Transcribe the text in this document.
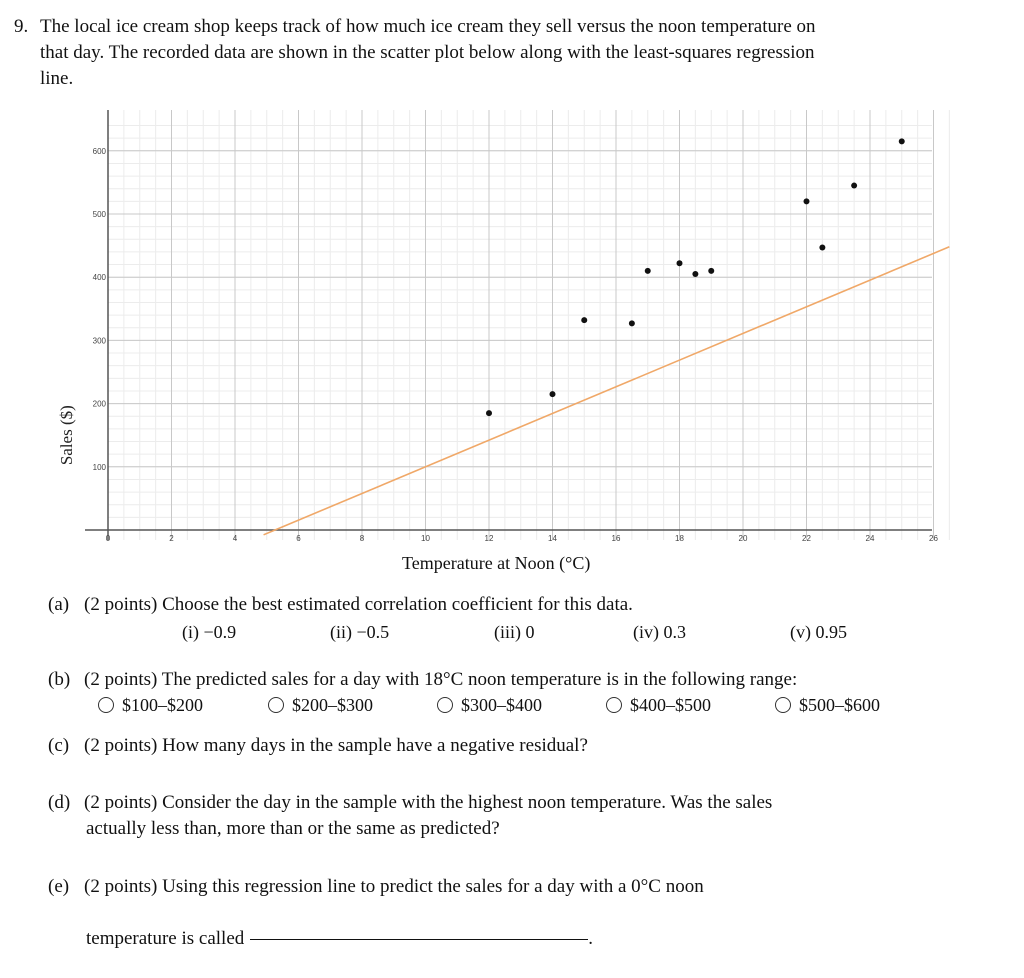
9. The local ice cream shop keeps track of how much ice cream they sell versus the noon temperature on
that day. The recorded data are shown in the scatter plot below along with the least-squares regression
line.
0	2	4	6	8	10	12	14	16	18	20	22	24	26
100
200
300
400
500
600
Sales ($)
Temperature at Noon (°C)
(a) (2 points) Choose the best estimated correlation coefficient for this data.
(i) −0.9	(ii) −0.5	(iii) 0	(iv) 0.3	(v) 0.95
(b) (2 points) The predicted sales for a day with 18°C noon temperature is in the following range:
$100–$200	$200–$300	$300–$400	$400–$500	$500–$600
(c) (2 points) How many days in the sample have a negative residual?
(d) (2 points) Consider the day in the sample with the highest noon temperature. Was the sales
actually less than, more than or the same as predicted?
(e) (2 points) Using this regression line to predict the sales for a day with a 0°C noon
temperature is called	.
